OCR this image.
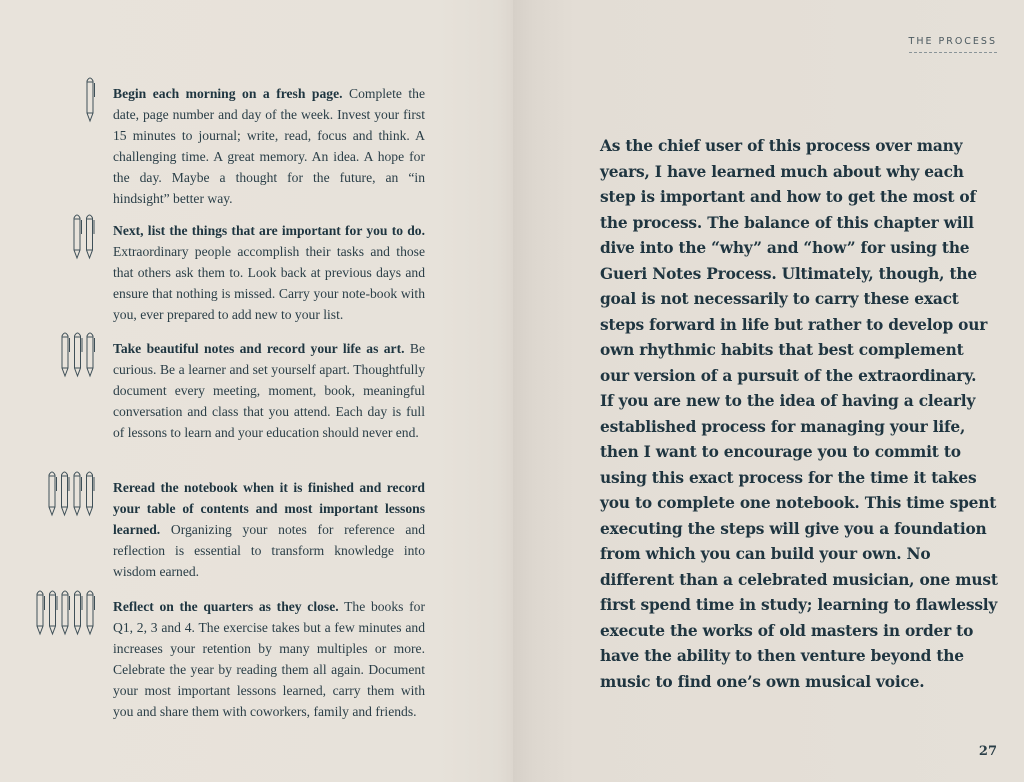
Begin each morning on a fresh page. Complete the date, page number and day of the week. Invest your first 15 minutes to journal; write, read, focus and think. A challenging time. A great memory. An idea. A hope for the day. Maybe a thought for the future, an “in hindsight” better way.

Next, list the things that are important for you to do. Extraordinary people accomplish their tasks and those that others ask them to. Look back at previous days and ensure that nothing is missed. Carry your note-book with you, ever prepared to add new to your list.

Take beautiful notes and record your life as art. Be curious. Be a learner and set yourself apart. Thoughtfully document every meeting, moment, book, meaningful conversation and class that you attend. Each day is full of lessons to learn and your education should never end.

Reread the notebook when it is finished and record your table of contents and most important lessons learned. Organizing your notes for reference and reflection is essential to transform knowledge into wisdom earned.

Reflect on the quarters as they close. The books for Q1, 2, 3 and 4. The exercise takes but a few minutes and increases your retention by many multiples or more. Celebrate the year by reading them all again. Document your most important lessons learned, carry them with you and share them with coworkers, family and friends.

THE PROCESS
As the chief user of this process over many
years, I have learned much about why each
step is important and how to get the most of
the process. The balance of this chapter will
dive into the “why” and “how” for using the
Gueri Notes Process. Ultimately, though, the
goal is not necessarily to carry these exact
steps forward in life but rather to develop our
own rhythmic habits that best complement
our version of a pursuit of the extraordinary.
If you are new to the idea of having a clearly
established process for managing your life,
then I want to encourage you to commit to
using this exact process for the time it takes
you to complete one notebook. This time spent
executing the steps will give you a foundation
from which you can build your own. No
different than a celebrated musician, one must
first spend time in study; learning to flawlessly
execute the works of old masters in order to
have the ability to then venture beyond the
music to find one’s own musical voice.
27
